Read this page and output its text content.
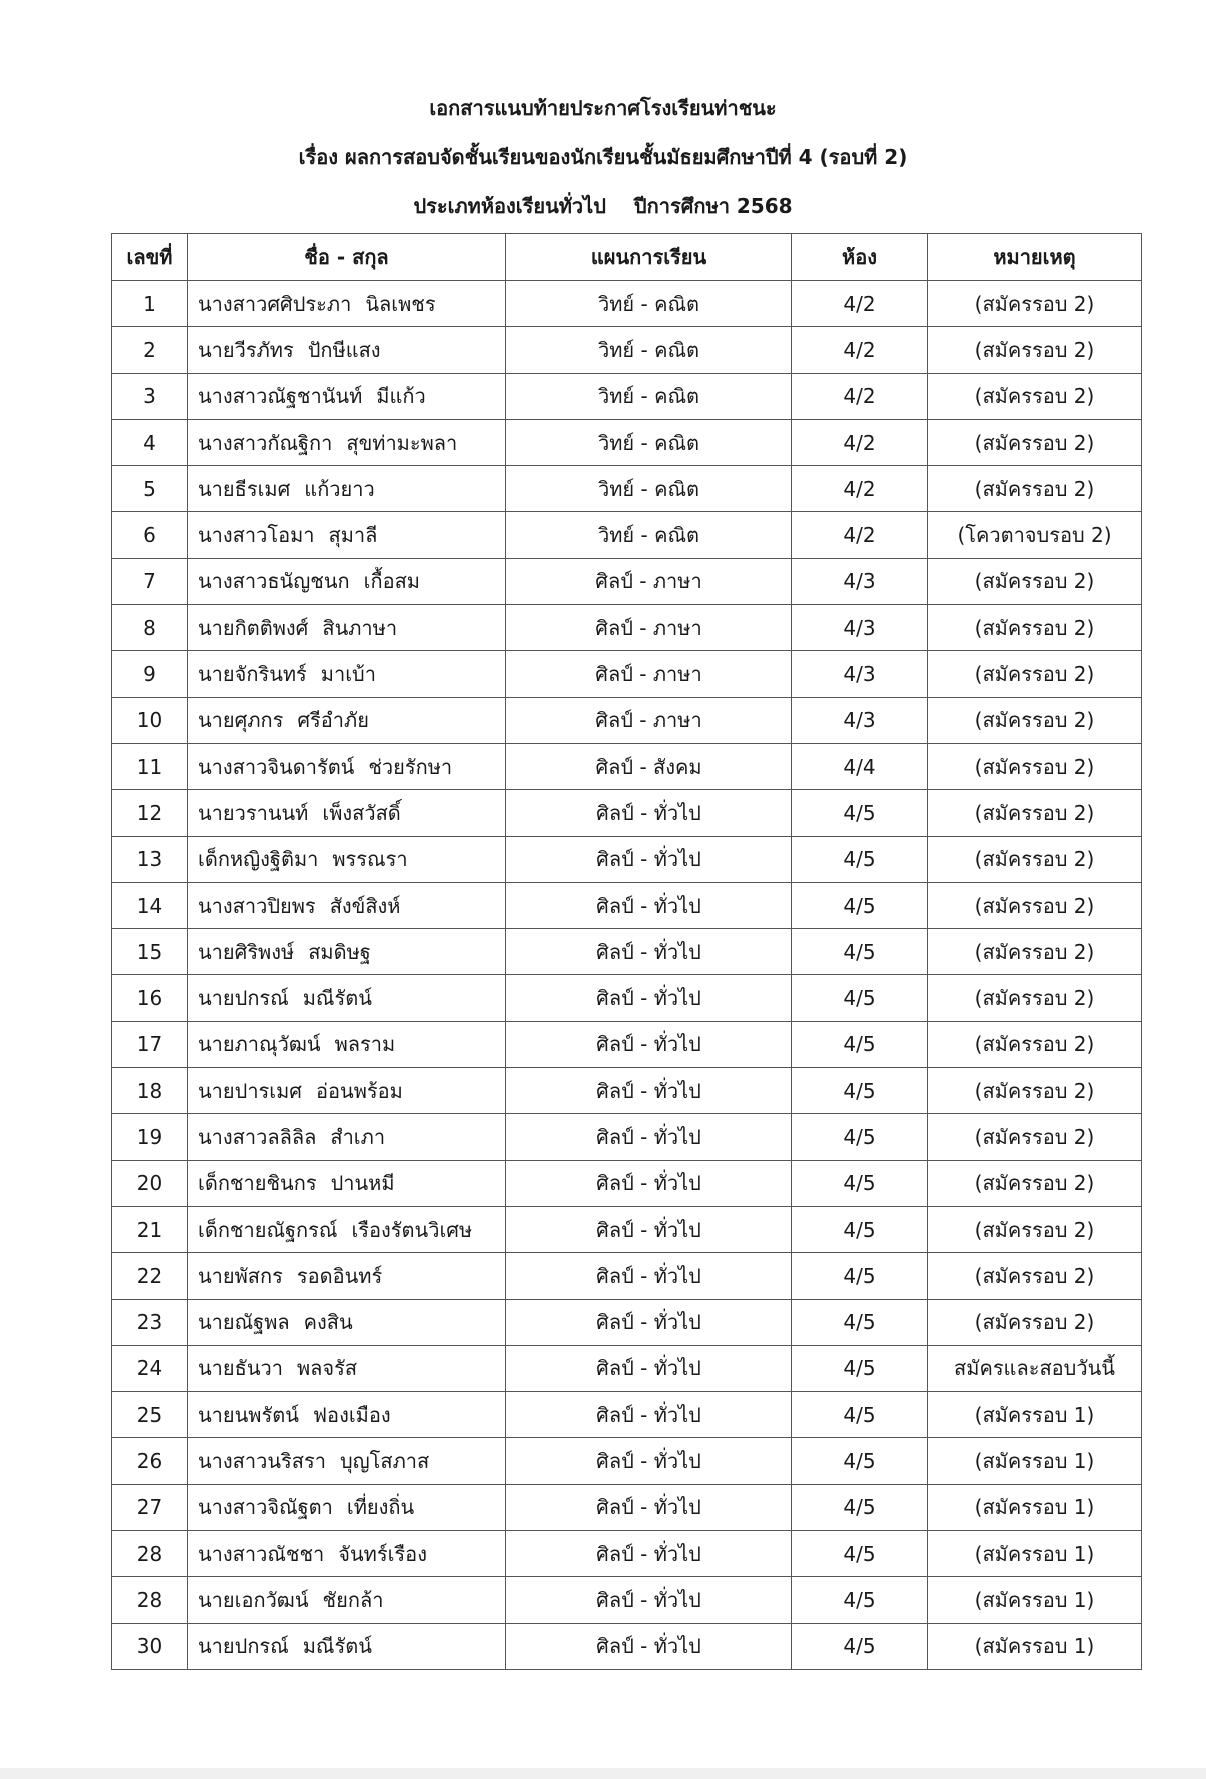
เอกสารแนบท้ายประกาศโรงเรียนท่าชนะ
เรื่อง ผลการสอบจัดชั้นเรียนของนักเรียนชั้นมัธยมศึกษาปีที่ 4 (รอบที่ 2)
ประเภทห้องเรียนทั่วไป ปีการศึกษา 2568
เลขที่	ชื่อ - สกุล	แผนการเรียน	ห้อง	หมายเหตุ
1	นางสาวศศิประภา นิลเพชร	วิทย์ - คณิต	4/2	(สมัครรอบ 2)
2	นายวีรภัทร ปักษีแสง	วิทย์ - คณิต	4/2	(สมัครรอบ 2)
3	นางสาวณัฐชานันท์ มีแก้ว	วิทย์ - คณิต	4/2	(สมัครรอบ 2)
4	นางสาวกัณฐิกา สุขท่ามะพลา	วิทย์ - คณิต	4/2	(สมัครรอบ 2)
5	นายธีรเมศ แก้วยาว	วิทย์ - คณิต	4/2	(สมัครรอบ 2)
6	นางสาวโอมา สุมาลี	วิทย์ - คณิต	4/2	(โควตาจบรอบ 2)
7	นางสาวธนัญชนก เกื้อสม	ศิลป์ - ภาษา	4/3	(สมัครรอบ 2)
8	นายกิตติพงศ์ สินภาษา	ศิลป์ - ภาษา	4/3	(สมัครรอบ 2)
9	นายจักรินทร์ มาเบ้า	ศิลป์ - ภาษา	4/3	(สมัครรอบ 2)
10	นายศุภกร ศรีอำภัย	ศิลป์ - ภาษา	4/3	(สมัครรอบ 2)
11	นางสาวจินดารัตน์ ช่วยรักษา	ศิลป์ - สังคม	4/4	(สมัครรอบ 2)
12	นายวรานนท์ เพ็งสวัสดิ์	ศิลป์ - ทั่วไป	4/5	(สมัครรอบ 2)
13	เด็กหญิงฐิติมา พรรณรา	ศิลป์ - ทั่วไป	4/5	(สมัครรอบ 2)
14	นางสาวปิยพร สังข์สิงห์	ศิลป์ - ทั่วไป	4/5	(สมัครรอบ 2)
15	นายศิริพงษ์ สมดิษฐ	ศิลป์ - ทั่วไป	4/5	(สมัครรอบ 2)
16	นายปกรณ์ มณีรัตน์	ศิลป์ - ทั่วไป	4/5	(สมัครรอบ 2)
17	นายภาณุวัฒน์ พลราม	ศิลป์ - ทั่วไป	4/5	(สมัครรอบ 2)
18	นายปารเมศ อ่อนพร้อม	ศิลป์ - ทั่วไป	4/5	(สมัครรอบ 2)
19	นางสาวลลิลิล สำเภา	ศิลป์ - ทั่วไป	4/5	(สมัครรอบ 2)
20	เด็กชายชินกร ปานหมี	ศิลป์ - ทั่วไป	4/5	(สมัครรอบ 2)
21	เด็กชายณัฐกรณ์ เรืองรัตนวิเศษ	ศิลป์ - ทั่วไป	4/5	(สมัครรอบ 2)
22	นายพัสกร รอดอินทร์	ศิลป์ - ทั่วไป	4/5	(สมัครรอบ 2)
23	นายณัฐพล คงสิน	ศิลป์ - ทั่วไป	4/5	(สมัครรอบ 2)
24	นายธันวา พลจรัส	ศิลป์ - ทั่วไป	4/5	สมัครและสอบวันนี้
25	นายนพรัตน์ ฟองเมือง	ศิลป์ - ทั่วไป	4/5	(สมัครรอบ 1)
26	นางสาวนริสรา บุญโสภาส	ศิลป์ - ทั่วไป	4/5	(สมัครรอบ 1)
27	นางสาวจิณัฐตา เที่ยงถิ่น	ศิลป์ - ทั่วไป	4/5	(สมัครรอบ 1)
28	นางสาวณัชชา จันทร์เรือง	ศิลป์ - ทั่วไป	4/5	(สมัครรอบ 1)
28	นายเอกวัฒน์ ชัยกล้า	ศิลป์ - ทั่วไป	4/5	(สมัครรอบ 1)
30	นายปกรณ์ มณีรัตน์	ศิลป์ - ทั่วไป	4/5	(สมัครรอบ 1)
